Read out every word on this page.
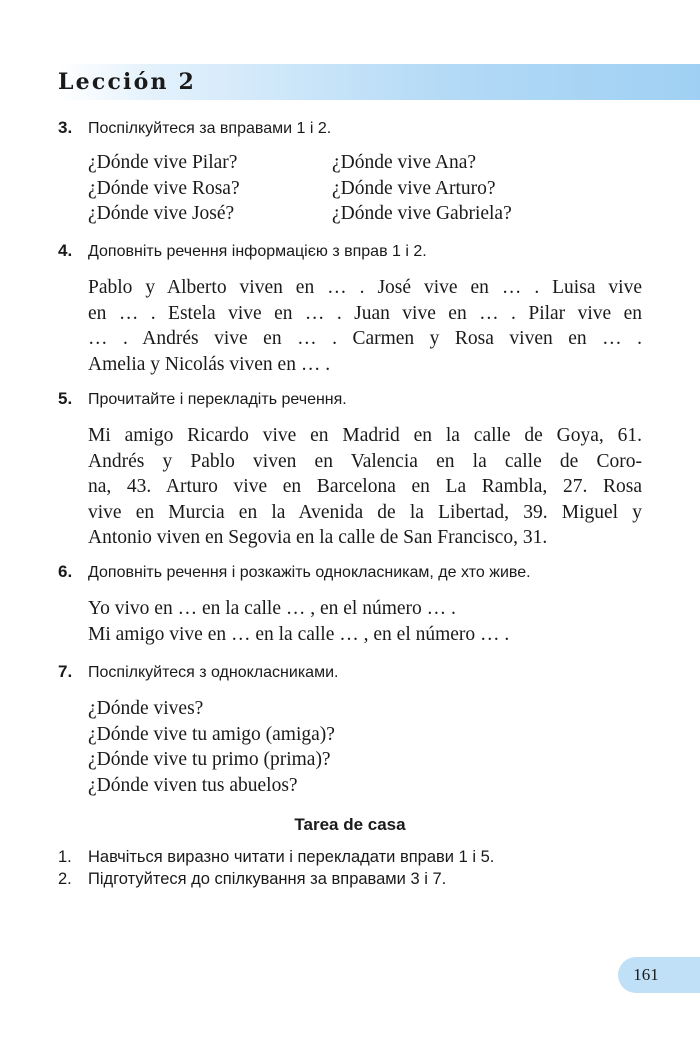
Lección 2
3. Поспілкуйтеся за вправами 1 і 2.
¿Dónde vive Pilar?	¿Dónde vive Ana?
¿Dónde vive Rosa?	¿Dónde vive Arturo?
¿Dónde vive José?	¿Dónde vive Gabriela?
4. Доповніть речення інформацією з вправ 1 і 2.

Pablo y Alberto viven en … . José vive en … . Luisa vive

en … . Estela vive en … . Juan vive en … . Pilar vive en

… . Andrés vive en … . Carmen y Rosa viven en … .

Amelia y Nicolás viven en … .

5. Прочитайте і перекладіть речення.

Mi amigo Ricardo vive en Madrid en la calle de Goya, 61.

Andrés y Pablo viven en Valencia en la calle de Coro-

na, 43. Arturo vive en Barcelona en La Rambla, 27. Rosa

vive en Murcia en la Avenida de la Libertad, 39. Miguel y

Antonio viven en Segovia en la calle de San Francisco, 31.

6. Доповніть речення і розкажіть однокласникам, де хто живе.

Yo vivo en … en la calle … , en el número … .

Mi amigo vive en … en la calle … , en el número … .

7. Поспілкуйтеся з однокласниками.

¿Dónde vives?

¿Dónde vive tu amigo (amiga)?

¿Dónde vive tu primo (prima)?

¿Dónde viven tus abuelos?

Tarea de casa
1. Навчіться виразно читати і перекладати вправи 1 і 5.
2. Підготуйтеся до спілкування за вправами 3 і 7.
161
